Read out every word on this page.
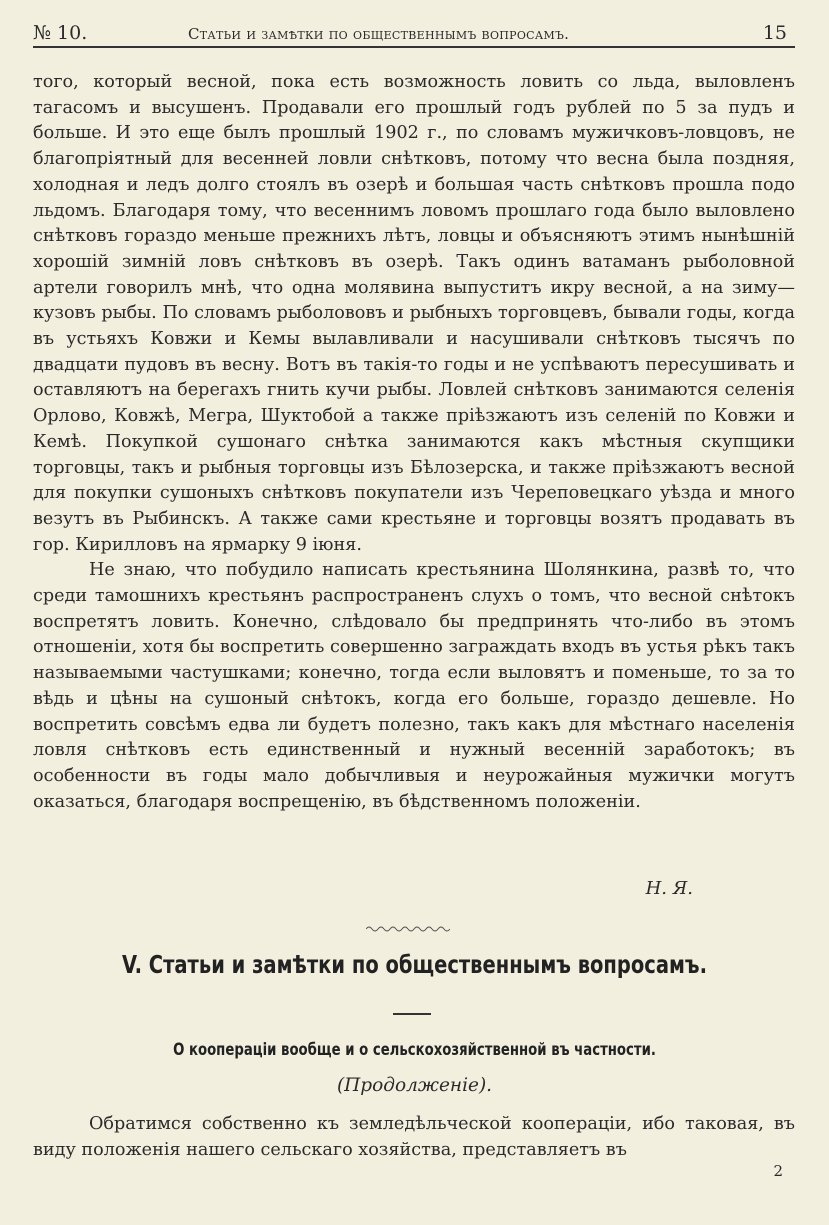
№ 10.	Статьи и замѣтки по общественнымъ вопросамъ.	15

того, который весной, пока есть возможность ловить со льда, выловленъ тагасомъ и высушенъ. Продавали его прошлый годъ рублей по 5 за пудъ и больше. И это еще былъ прошлый 1902 г., по словамъ мужичковъ-ловцовъ, не благопріятный для весенней ловли снѣтковъ, потому что весна была поздняя, холодная и ледъ долго стоялъ въ озерѣ и большая часть снѣтковъ прошла подо льдомъ. Благодаря тому, что весеннимъ ловомъ прошлаго года было выловлено снѣтковъ гораздо меньше прежнихъ лѣтъ, ловцы и объясняютъ этимъ нынѣшній хорошій зимній ловъ снѣтковъ въ озерѣ. Такъ одинъ ватаманъ рыболовной артели говорилъ мнѣ, что одна молявина выпуститъ икру весной, а на зиму—кузовъ рыбы. По словамъ рыболововъ и рыбныхъ торговцевъ, бывали годы, когда въ устьяхъ Ковжи и Кемы вылавливали и насушивали снѣтковъ тысячъ по двадцати пудовъ въ весну. Вотъ въ такія-то годы и не успѣваютъ пересушивать и оставляютъ на берегахъ гнить кучи рыбы. Ловлей снѣтковъ занимаются селенія Орлово, Ковжѣ, Мегра, Шуктобой а также пріѣзжаютъ изъ селеній по Ковжи и Кемѣ. Покупкой сушонаго снѣтка занимаются какъ мѣстныя скупщики торговцы, такъ и рыбныя торговцы изъ Бѣлозерска, и также пріѣзжаютъ весной для покупки сушоныхъ снѣтковъ покупатели изъ Череповецкаго уѣзда и много везутъ въ Рыбинскъ. А также сами крестьяне и торговцы возятъ продавать въ гор. Кирилловъ на ярмарку 9 іюня.

Не знаю, что побудило написать крестьянина Шолянкина, развѣ то, что среди тамошнихъ крестьянъ распространенъ слухъ о томъ, что весной снѣтокъ воспретятъ ловить. Конечно, слѣдовало бы предпринять что-либо въ этомъ отношеніи, хотя бы воспретить совершенно заграждать входъ въ устья рѣкъ такъ называемыми частушками; конечно, тогда если выловятъ и поменьше, то за то вѣдь и цѣны на сушоный снѣтокъ, когда его больше, гораздо дешевле. Но воспретить совсѣмъ едва ли будетъ полезно, такъ какъ для мѣстнаго населенія ловля снѣтковъ есть единственный и нужный весенній заработокъ; въ особенности въ годы мало добычливыя и неурожайныя мужички могутъ оказаться, благодаря воспрещенію, въ бѣдственномъ положеніи.

Н. Я.
V. Статьи и замѣтки по общественнымъ вопросамъ.
О коопераціи вообще и о сельскохозяйственной въ частности.
(Продолженіе).

Обратимся собственно къ земледѣльческой коопераціи, ибо таковая, въ виду положенія нашего сельскаго хозяйства, представляетъ въ

2
